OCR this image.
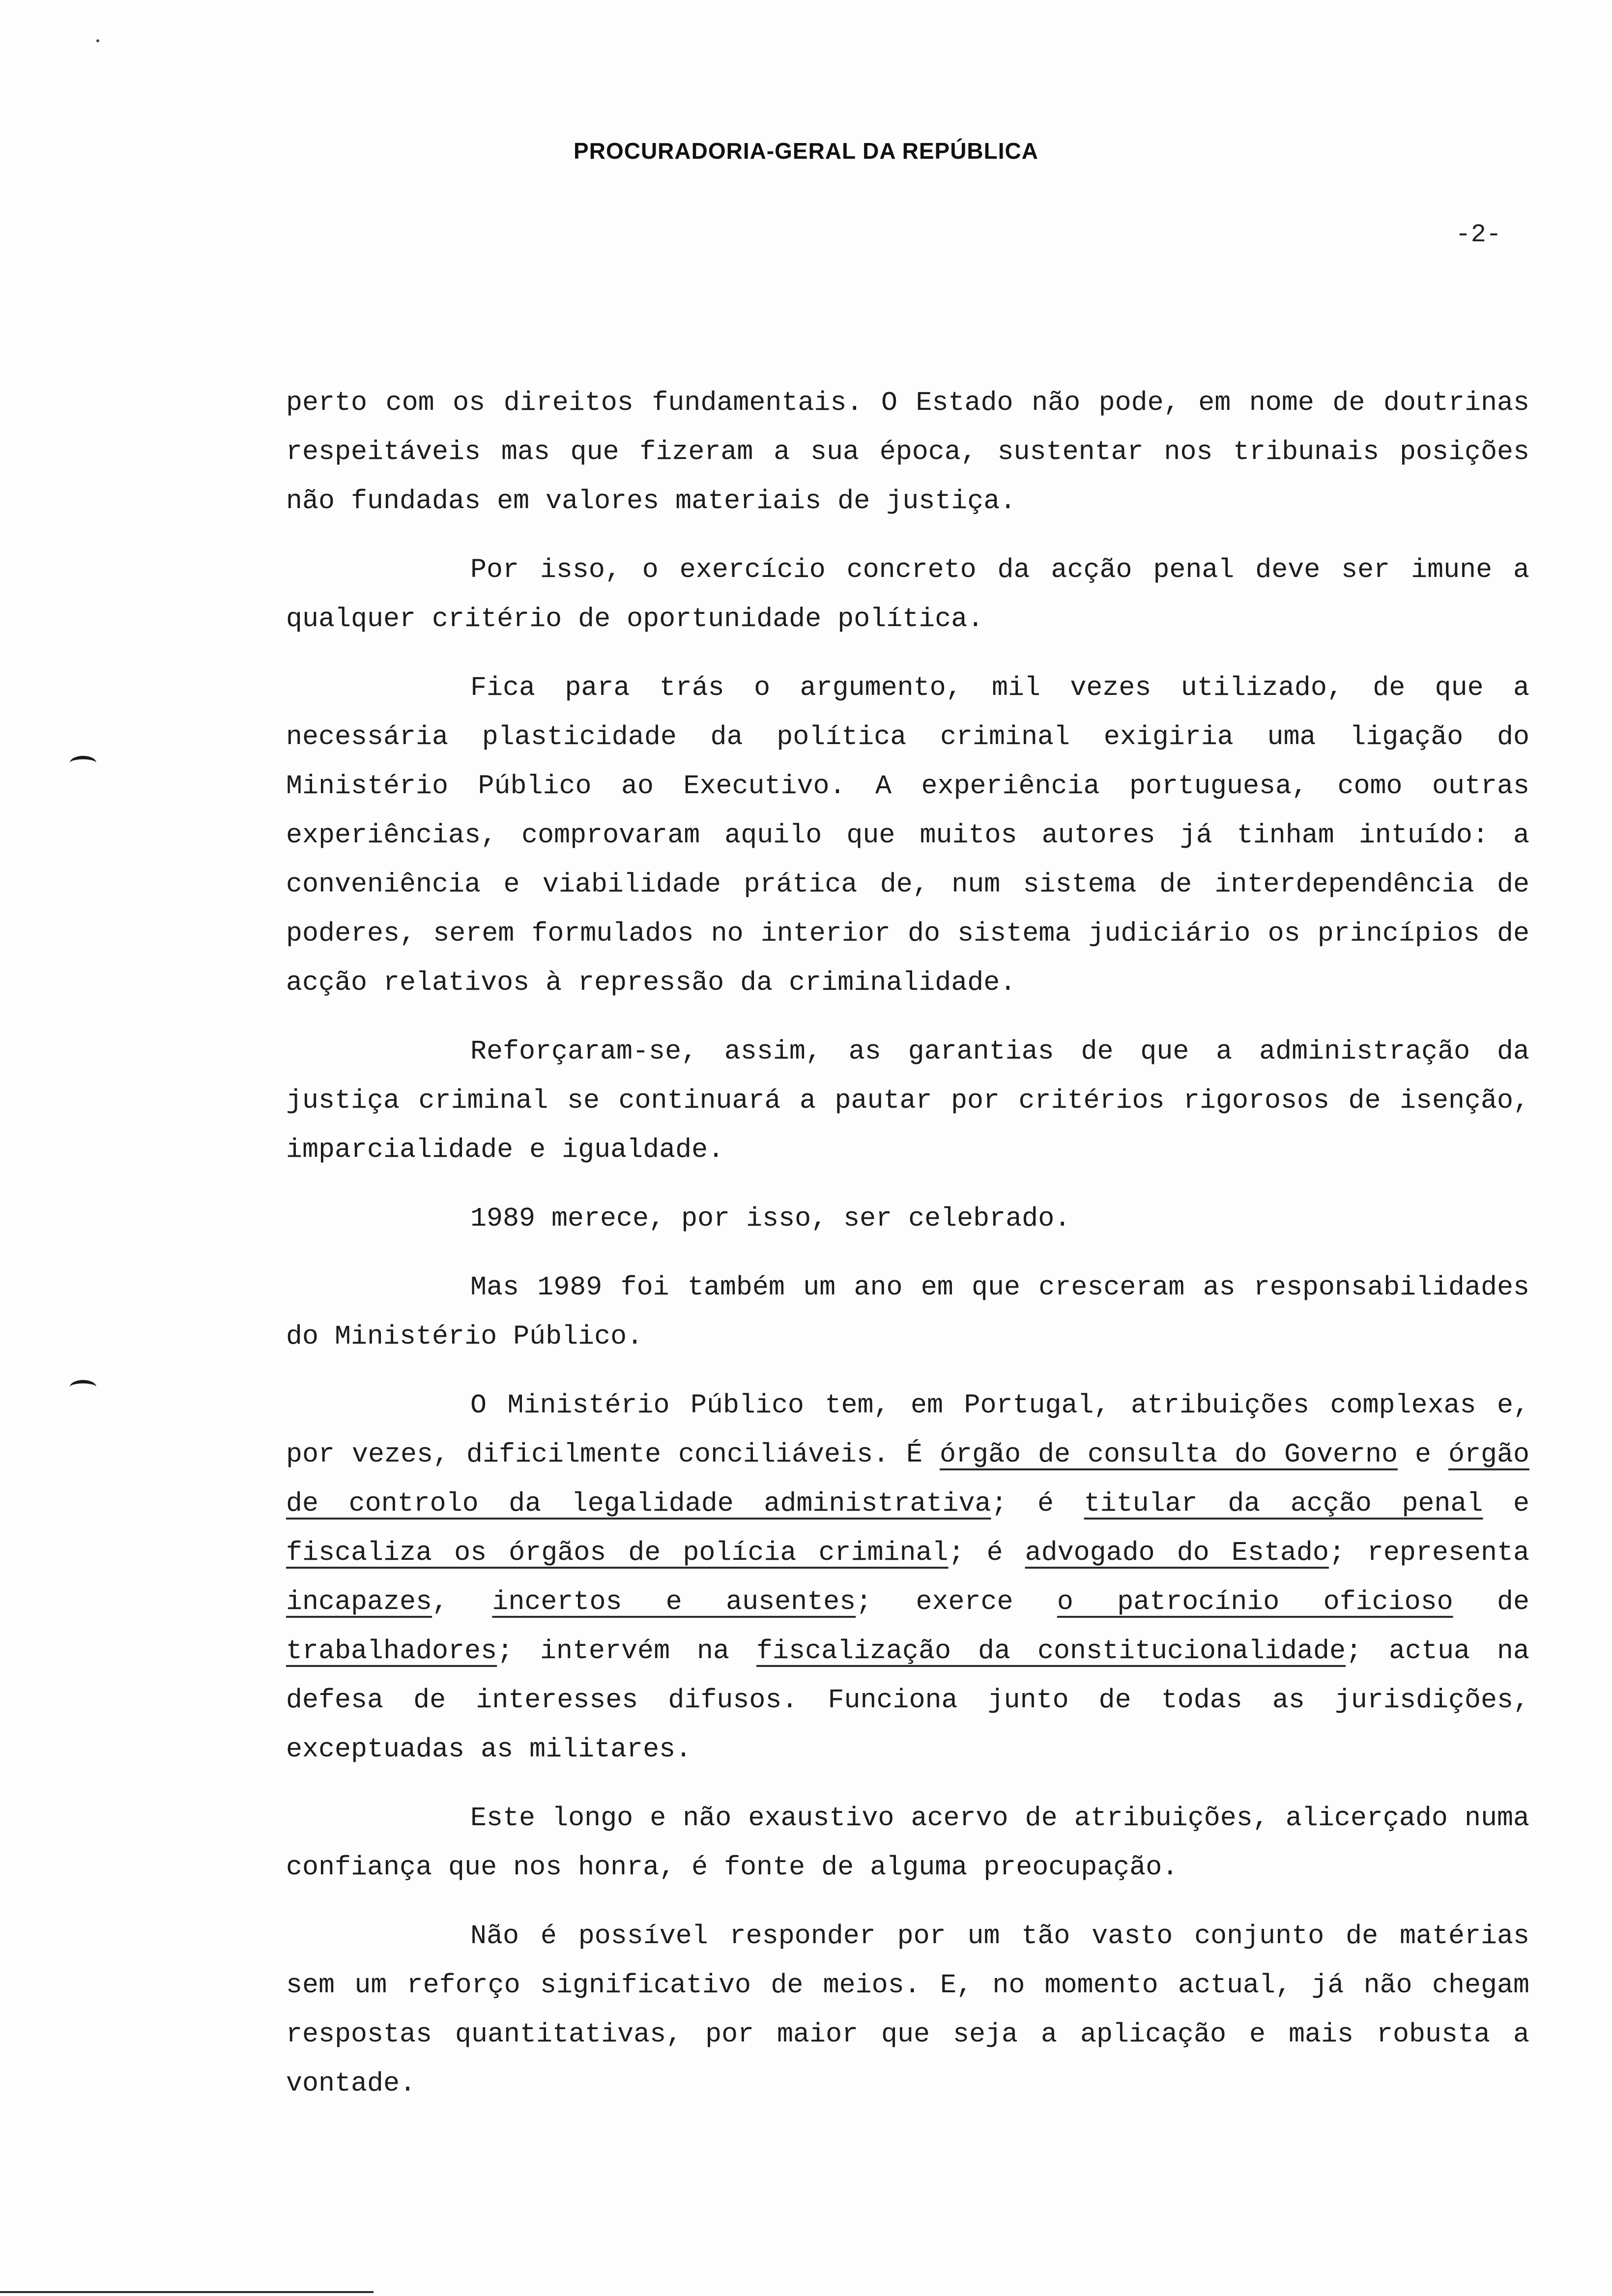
PROCURADORIA-GERAL DA REPÚBLICA
-2-

perto com os direitos fundamentais. O Estado não pode, em nome de doutrinas respeitáveis mas que fizeram a sua época, sustentar nos tribunais posições não fundadas em valores materiais de justiça.

Por isso, o exercício concreto da acção penal deve ser imune a qualquer critério de oportunidade política.

Fica para trás o argumento, mil vezes utilizado, de que a necessária plasticidade da política criminal exigiria uma ligação do Ministério Público ao Executivo. A experiência portuguesa, como outras experiências, comprovaram aquilo que muitos autores já tinham intuído: a conveniência e viabilidade prática de, num sistema de interdependência de poderes, serem formulados no interior do sistema judiciário os princípios de acção relativos à repressão da criminalidade.

Reforçaram-se, assim, as garantias de que a administração da justiça criminal se continuará a pautar por critérios rigorosos de isenção, imparcialidade e igualdade.

1989 merece, por isso, ser celebrado.

Mas 1989 foi também um ano em que cresceram as responsabilidades do Ministério Público.

O Ministério Público tem, em Portugal, atribuições complexas e, por vezes, dificilmente conciliáveis. É órgão de consulta do Governo e órgão de controlo da legalidade administrativa; é titular da acção penal e fiscaliza os órgãos de polícia criminal; é advogado do Estado; representa incapazes, incertos e ausentes; exerce o patrocínio oficioso de trabalhadores; intervém na fiscalização da constitucionalidade; actua na defesa de interesses difusos. Funciona junto de todas as jurisdições, exceptuadas as militares.

Este longo e não exaustivo acervo de atribuições, alicerçado numa confiança que nos honra, é fonte de alguma preocupação.

Não é possível responder por um tão vasto conjunto de matérias sem um reforço significativo de meios. E, no momento actual, já não chegam respostas quantitativas, por maior que seja a aplicação e mais robusta a vontade.
